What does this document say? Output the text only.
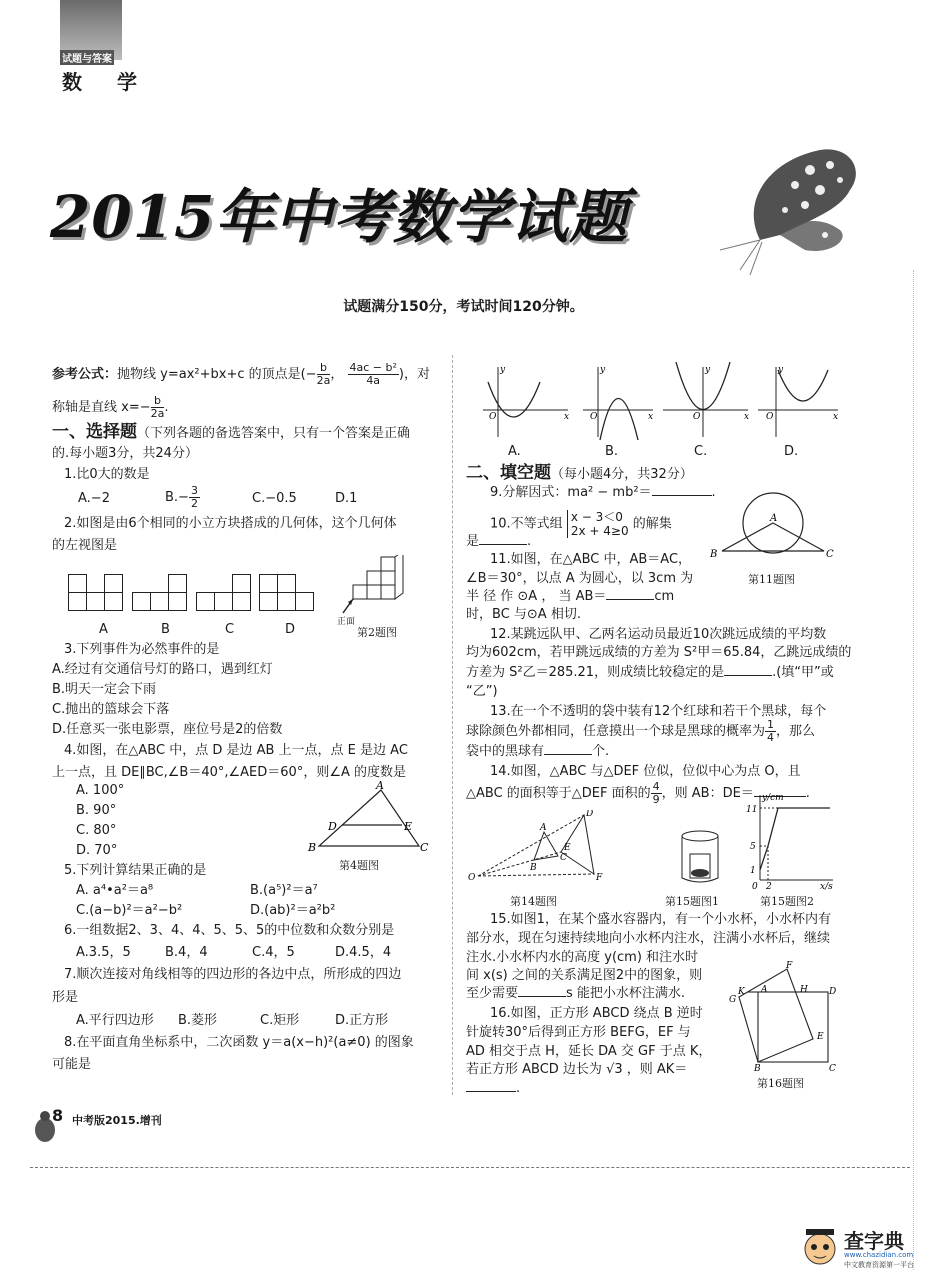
试题与答案
数 学
2015年中考数学试题
试题满分150分，考试时间120分钟。
参考公式：抛物线 y=ax²+bx+c 的顶点是(− $\frac{b}{2a}$ ， $\frac{\text{4ac − b²}}{4a}$ )，对
称轴是直线 $x=- \frac{b}{2a}$ .
一、选择题（下列各题的备选答案中，只有一个答案是正确
的.每小题3分，共24分）
1.比0大的数是
A.−2	$B.- \frac{3}{2}$	C.−0.5	D.1
2.如图是由6个相同的小立方块搭成的几何体，这个几何体
的左视图是
A	B	C	D	正面
第2题图
3.下列事件为必然事件的是
A.经过有交通信号灯的路口，遇到红灯
B.明天一定会下雨
C.抛出的篮球会下落
D.任意买一张电影票，座位号是2的倍数
4.如图，在△ABC 中，点 D 是边 AB 上一点，点 E 是边 AC
上一点，且 DE∥BC,∠B＝40°,∠AED＝60°，则∠A 的度数是
A. 100°
B. 90°
C. 80°
D. 70°
A
D	E
B	C
第4题图
5.下列计算结果正确的是
A. a⁴•a²＝a⁸	B.(a⁵)²＝a⁷
C.(a−b)²＝a²−b²	D.(ab)²＝a²b²
6.一组数据2、3、4、4、5、5、5的中位数和众数分别是
A.3.5，5	B.4，4	C.4，5	D.4.5，4
7.顺次连接对角线相等的四边形的各边中点，所形成的四边
形是
A.平行四边形 B.菱形	C.矩形	D.正方形
8.在平面直角坐标系中，二次函数 y＝a(x−h)²(a≠0) 的图象
可能是
8 中考版2015.增刊
y
x
O
y
x
O
y
x
O
y
x
O
A.	B.	C.	D.
二、填空题（每小题4分，共32分）
9.分解因式：ma² − mb²＝	.
10.不等式组 x − 3＜0
2x + 4≥0 的解集
是	.
A
B	C
第11题图
11.如图，在△ABC 中，AB＝AC，
∠B＝30°，以点 A 为圆心，以 3cm 为
半 径 作 ⊙A ， 当 AB＝	cm
时，BC 与⊙A 相切.
12.某跳远队甲、乙两名运动员最近10次跳远成绩的平均数
均为602cm，若甲跳远成绩的方差为 S²甲＝65.84，乙跳远成绩的
方差为 S²乙＝285.21，则成绩比较稳定的是	.(填“甲”或
“乙”)
13.在一个不透明的袋中装有12个红球和若干个黑球，每个
球除颜色外都相同，任意摸出一个球是黑球的概率为 $\frac{1}{4}$ ，那么
袋中的黑球有	个.
14.如图，△ABC 与△DEF 位似，位似中心为点 O，且
△ABC 的面积等于△DEF 面积的 $\frac{4}{9}$ ，则 AB：DE＝	.
O
A
B
C
D
E
F
第14题图	第15题图1
y/cm
x/s
11
5
1
0 2
第15题图2
15.如图1，在某个盛水容器内，有一个小水杯，小水杯内有
部分水，现在匀速持续地向小水杯内注水，注满小水杯后，继续
注水.小水杯内水的高度 y(cm) 和注水时
间 x(s) 之间的关系满足图2中的图象，则
至少需要	s 能把小水杯注满水.
16.如图，正方形 ABCD 绕点 B 逆时
针旋转30°后得到正方形 BEFG，EF 与
AD 相交于点 H，延长 DA 交 GF 于点 K，
若正方形 ABCD 边长为 √3 ，则 AK＝
.
K A
F
H D
G
E
B	C
第16题图
查字典
www.chazidian.com
中文教育资源第一平台
